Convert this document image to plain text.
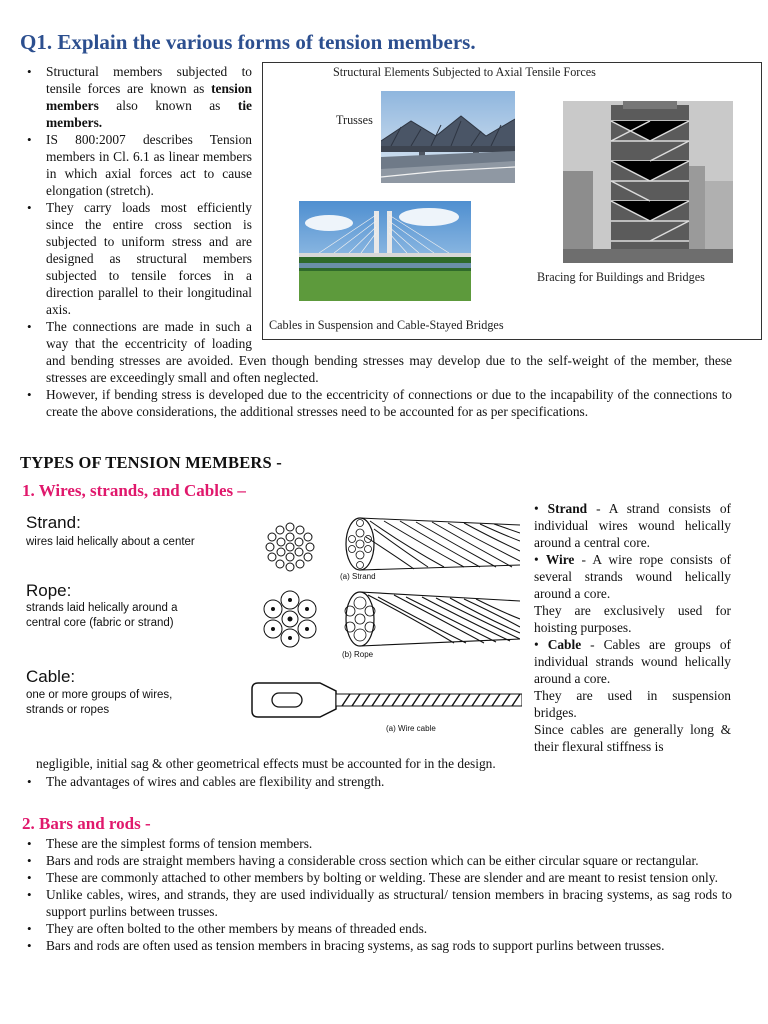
Q1. Explain the various forms of tension members.
• Structural members subjected to tensile forces are known as tension members also known as tie members.
• IS 800:2007 describes Tension members in Cl. 6.1 as linear members in which axial forces act to cause elongation (stretch).
• They carry loads most efficiently since the entire cross section is subjected to uniform stress and are designed as structural members subjected to tensile forces in a direction parallel to their longitudinal axis.
• The connections are made in such a way that the eccentricity of loading and bending stresses are avoided. Even though bending stresses may develop due to the self-weight of the member, these stresses are exceedingly small and often neglected.
• However, if bending stress is developed due to the eccentricity of connections or due to the incapability of the connections to create the above considerations, the additional stresses need to be accounted for as per specifications.
Structural Elements Subjected to Axial Tensile Forces
Trusses
Bracing for Buildings and Bridges
Cables in Suspension and Cable-Stayed Bridges
TYPES OF TENSION MEMBERS -
1. Wires, strands, and Cables –
Strand:
wires laid helically about a center
Rope:
strands laid helically around a
central core (fabric or strand)
Cable:
one or more groups of wires,
strands or ropes
(a) Strand
(b) Rope
(a) Wire cable

• Strand - A strand consists of individual wires wound helically around a central core.

• Wire - A wire rope consists of several strands wound helically around a core.

They are exclusively used for hoisting purposes.

• Cable - Cables are groups of individual strands wound helically around a core.

They are used in suspension bridges.

Since cables are generally long & their flexural stiffness is

negligible, initial sag & other geometrical effects must be accounted for in the design.
• The advantages of wires and cables are flexibility and strength.
2. Bars and rods -
• These are the simplest forms of tension members.
• Bars and rods are straight members having a considerable cross section which can be either circular square or rectangular.
• These are commonly attached to other members by bolting or welding. These are slender and are meant to resist tension only.
• Unlike cables, wires, and strands, they are used individually as structural/ tension members in bracing systems, as sag rods to support purlins between trusses.
• They are often bolted to the other members by means of threaded ends.
• Bars and rods are often used as tension members in bracing systems, as sag rods to support purlins between trusses.
